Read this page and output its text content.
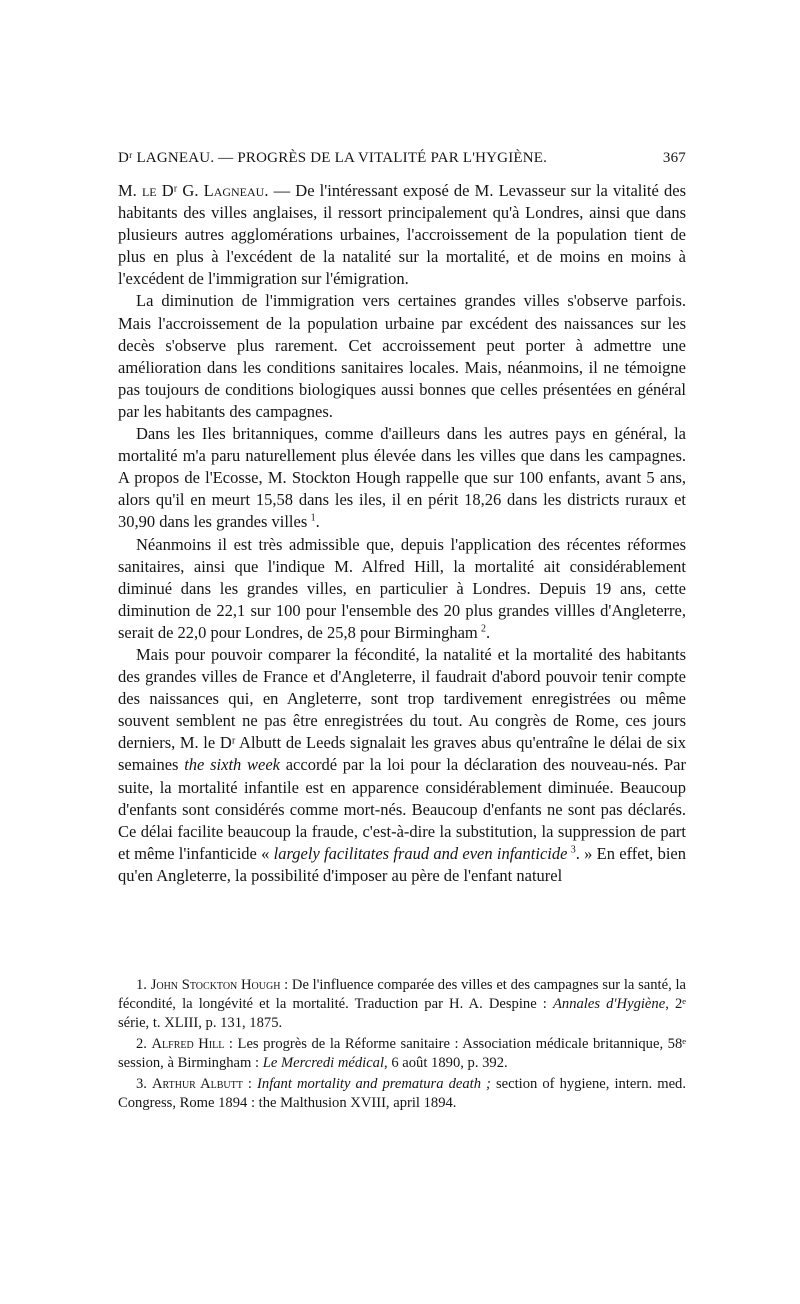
Dʳ LAGNEAU. — PROGRÈS DE LA VITALITÉ PAR L'HYGIÈNE.	367

M. le Dʳ G. Lagneau. — De l'intéressant exposé de M. Levasseur sur la vitalité des habitants des villes anglaises, il ressort principalement qu'à Londres, ainsi que dans plusieurs autres agglomérations urbaines, l'accroissement de la population tient de plus en plus à l'excédent de la natalité sur la mortalité, et de moins en moins à l'excédent de l'immigration sur l'émigration.

La diminution de l'immigration vers certaines grandes villes s'observe parfois. Mais l'accroissement de la population urbaine par excédent des naissances sur les decès s'observe plus rarement. Cet accroissement peut porter à admettre une amélioration dans les conditions sanitaires locales. Mais, néanmoins, il ne témoigne pas toujours de conditions biologiques aussi bonnes que celles présentées en général par les habitants des campagnes.

Dans les Iles britanniques, comme d'ailleurs dans les autres pays en général, la mortalité m'a paru naturellement plus élevée dans les villes que dans les campagnes. A propos de l'Ecosse, M. Stockton Hough rappelle que sur 100 enfants, avant 5 ans, alors qu'il en meurt 15,58 dans les iles, il en périt 18,26 dans les districts ruraux et 30,90 dans les grandes villes  $^1$.

Néanmoins il est très admissible que, depuis l'application des récentes réformes sanitaires, ainsi que l'indique M. Alfred Hill, la mortalité ait considérablement diminué dans les grandes villes, en particulier à Londres. Depuis 19 ans, cette diminution de 22,1 sur 100 pour l'ensemble des 20 plus grandes villles d'Angleterre, serait de 22,0 pour Londres, de 25,8 pour Birmingham  $^2$.

Mais pour pouvoir comparer la fécondité, la natalité et la mortalité des habitants des grandes villes de France et d'Angleterre, il faudrait d'abord pouvoir tenir compte des naissances qui, en Angleterre, sont trop tardivement enregistrées ou même souvent semblent ne pas être enregistrées du tout. Au congrès de Rome, ces jours derniers, M. le Dʳ Albutt de Leeds signalait les graves abus qu'entraîne le délai de six semaines the sixth week accordé par la loi pour la déclaration des nouveau-nés. Par suite, la mortalité infantile est en apparence considérablement diminuée. Beaucoup d'enfants sont considérés comme mort-nés. Beaucoup d'enfants ne sont pas déclarés. Ce délai facilite beaucoup la fraude, c'est-à-dire la substitution, la suppression de part et même l'infanticide « largely facilitates fraud and even infanticide  $^3$. » En effet, bien qu'en Angleterre, la possibilité d'imposer au père de l'enfant naturel

1. John Stockton Hough : De l'influence comparée des villes et des campagnes sur la santé, la fécondité, la longévité et la mortalité. Traduction par H. A. Despine : Annales d'Hygiène, 2ᵉ série, t. XLIII, p. 131, 1875.

2. Alfred Hill : Les progrès de la Réforme sanitaire : Association médicale britannique, 58ᵉ session, à Birmingham : Le Mercredi médical, 6 août 1890, p. 392.

3. Arthur Albutt : Infant mortality and prematura death ; section of hygiene, intern. med. Congress, Rome 1894 : the Malthusion XVIII, april 1894.
